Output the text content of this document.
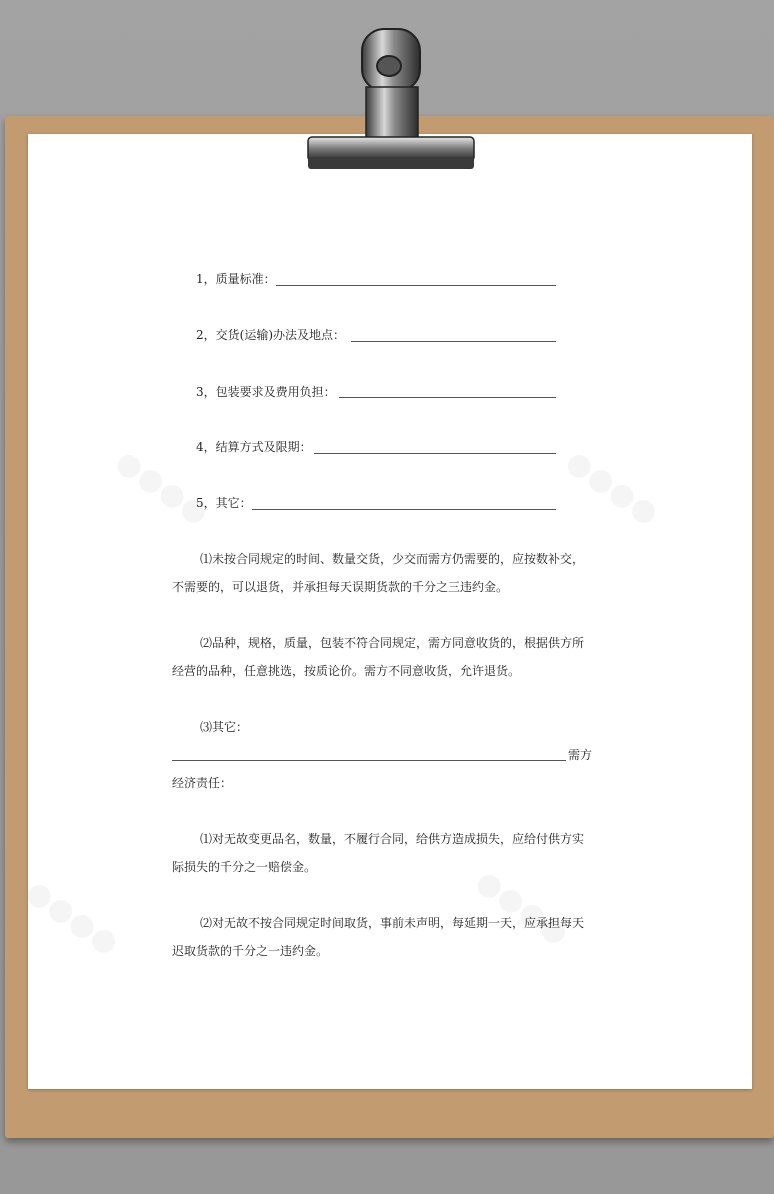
1，质量标准：
2，交货(运输)办法及地点：
3，包装要求及费用负担：
4，结算方式及限期：
5，其它：
⑴未按合同规定的时间、数量交货，少交而需方仍需要的，应按数补交，
不需要的，可以退货，并承担每天误期货款的千分之三违约金。
⑵品种，规格，质量，包装不符合同规定，需方同意收货的，根据供方所
经营的品种，任意挑选，按质论价。需方不同意收货，允许退货。
⑶其它：
需方
经济责任：
⑴对无故变更品名，数量，不履行合同，给供方造成损失，应给付供方实
际损失的千分之一赔偿金。
⑵对无故不按合同规定时间取货，事前未声明，每延期一天，应承担每天
迟取货款的千分之一违约金。
